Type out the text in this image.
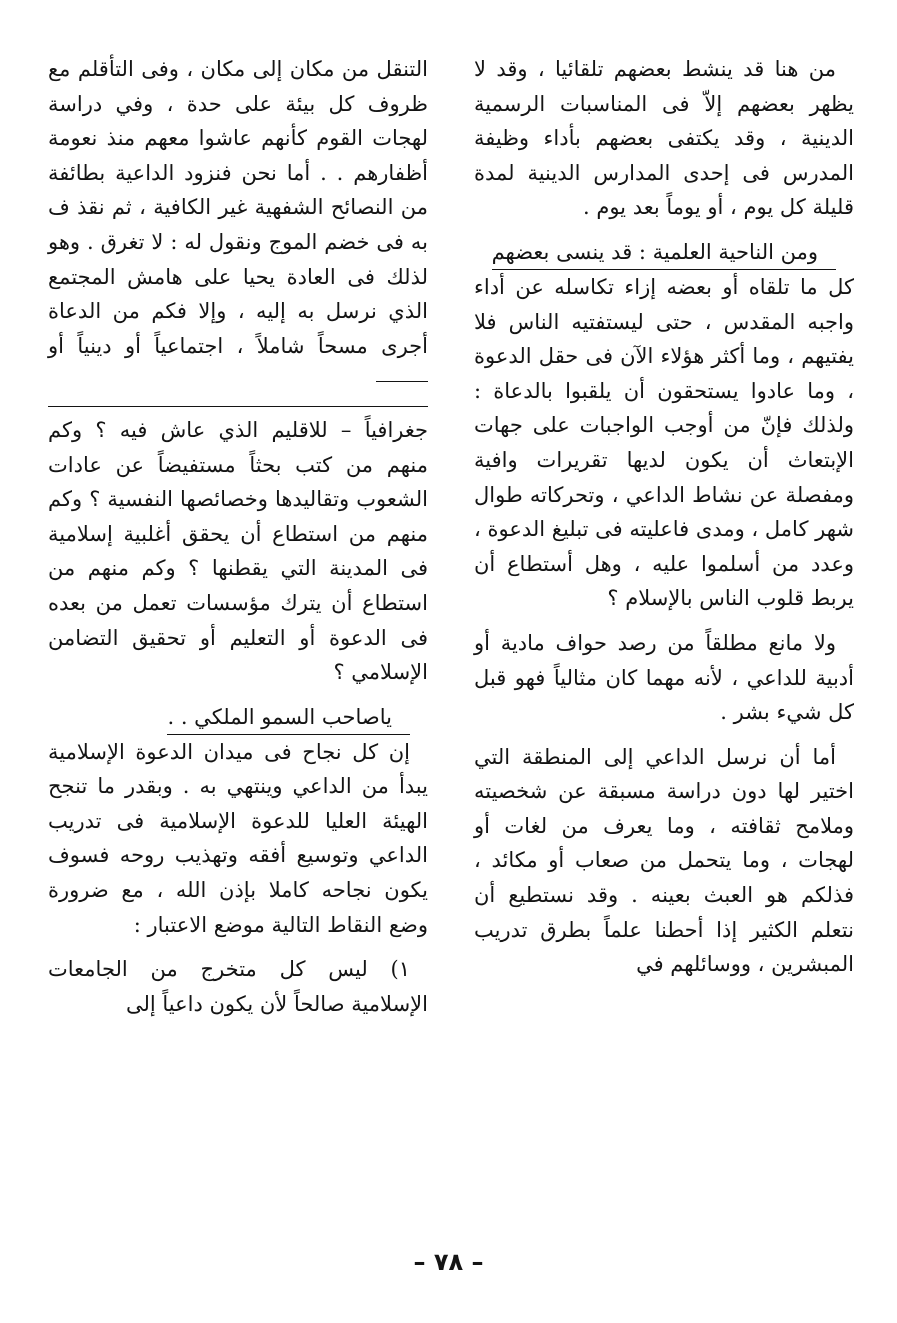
من هنا قد ينشط بعضهم تلقائيا ، وقد لا يظهر بعضهم إلاّ فى المناسبات الرسمية الدينية ، وقد يكتفى بعضهم بأداء وظيفة المدرس فى إحدى المدارس الدينية لمدة قليلة كل يوم ، أو يوماً بعد يوم .

ومن الناحية العلمية : قد ينسى بعضهم

كل ما تلقاه أو بعضه إزاء تكاسله عن أداء واجبه المقدس ، حتى ليستفتيه الناس فلا يفتيهم ، وما أكثر هؤلاء الآن فى حقل الدعوة ، وما عادوا يستحقون أن يلقبوا بالدعاة : ولذلك فإنّ من أوجب الواجبات على جهات الإبتعاث أن يكون لديها تقريرات وافية ومفصلة عن نشاط الداعي ، وتحركاته طوال شهر كامل ، ومدى فاعليته فى تبليغ الدعوة ، وعدد من أسلموا عليه ، وهل أستطاع أن يربط قلوب الناس بالإسلام ؟

ولا مانع مطلقاً من رصد حواف مادية أو أدبية للداعي ، لأنه مهما كان مثالياً فهو قبل كل شيء بشر .

أما أن نرسل الداعي إلى المنطقة التي اختير لها دون دراسة مسبقة عن شخصيته وملامح ثقافته ، وما يعرف من لغات أو لهجات ، وما يتحمل من صعاب أو مكائد ، فذلكم هو العبث بعينه . وقد نستطيع أن نتعلم الكثير إذا أحطنا علماً بطرق تدريب المبشرين ، ووسائلهم في

التنقل من مكان إلى مكان ، وفى التأقلم مع ظروف كل بيئة على حدة ، وفي دراسة لهجات القوم كأنهم عاشوا معهم منذ نعومة أظفارهم . . أما نحن فنزود الداعية بطائفة من النصائح الشفهية غير الكافية ، ثم نقذ ف به فى خضم الموج ونقول له : لا تغرق . وهو لذلك فى العادة يحيا على هامش المجتمع الذي نرسل به إليه ، وإلا فكم من الدعاة أجرى مسحاً شاملاً ، اجتماعياً أو دينياً أو

جغرافياً – للاقليم الذي عاش فيه ؟ وكم منهم من كتب بحثاً مستفيضاً عن عادات الشعوب وتقاليدها وخصائصها النفسية ؟ وكم منهم من استطاع أن يحقق أغلبية إسلامية فى المدينة التي يقطنها ؟ وكم منهم من استطاع أن يترك مؤسسات تعمل من بعده فى الدعوة أو التعليم أو تحقيق التضامن الإسلامي ؟

ياصاحب السمو الملكي . .

إن كل نجاح فى ميدان الدعوة الإسلامية يبدأ من الداعي وينتهي به . وبقدر ما تنجح الهيئة العليا للدعوة الإسلامية فى تدريب الداعي وتوسيع أفقه وتهذيب روحه فسوف يكون نجاحه كاملا بإذن الله ، مع ضرورة وضع النقاط التالية موضع الاعتبار :

١) ليس كل متخرج من الجامعات الإسلامية صالحاً لأن يكون داعياً إلى

– ٧٨ –
